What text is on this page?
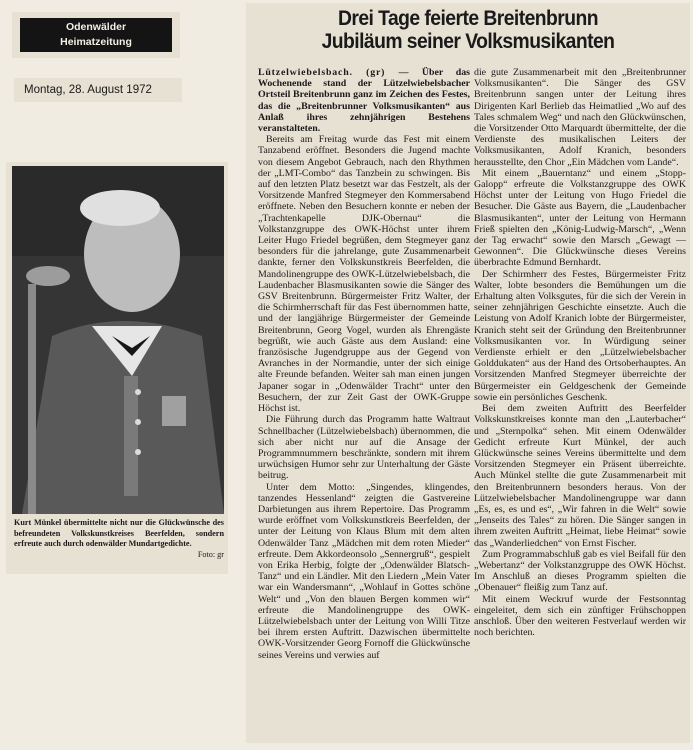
Odenwälder
Heimatzeitung
Montag, 28. August 1972
Kurt Münkel übermittelte nicht nur die Glückwünsche des befreundeten Volkskunstkreises Beerfelden, sondern erfreute auch durch odenwälder Mundartgedichte.
Foto: gr
Drei Tage feierte Breitenbrunn
Jubiläum seiner Volksmusikanten

Lützelwiebelsbach. (gr) — Über das Wochenende stand der Lützelwiebelsbacher Ortsteil Breitenbrunn ganz im Zeichen des Festes, das die „Breitenbrunner Volksmusikanten“ aus Anlaß ihres zehnjährigen Bestehens veranstalteten.

Bereits am Freitag wurde das Fest mit einem Tanzabend eröffnet. Besonders die Jugend machte von diesem Angebot Gebrauch, nach den Rhythmen der „LMT-Combo“ das Tanzbein zu schwingen. Bis auf den letzten Platz besetzt war das Festzelt, als der Vorsitzende Manfred Stegmeyer den Kommersabend eröffnete. Neben den Besuchern konnte er neben der „Trachtenkapelle DJK-Obernau“ die Volkstanzgruppe des OWK-Höchst unter ihrem Leiter Hugo Friedel begrüßen, dem Stegmeyer ganz besonders für die jahrelange, gute Zusammenarbeit dankte, ferner den Volkskunstkreis Beerfelden, die Mandolinengruppe des OWK-Lützelwiebelsbach, die Laudenbacher Blasmusikanten sowie die Sänger des GSV Breitenbrunn. Bürgermeister Fritz Walter, der die Schirmherrschaft für das Fest übernommen hatte, und der langjährige Bürgermeister der Gemeinde Breitenbrunn, Georg Vogel, wurden als Ehrengäste begrüßt, wie auch Gäste aus dem Ausland: eine französische Jugendgruppe aus der Gegend von Avranches in der Normandie, unter der sich einige alte Freunde befanden. Weiter sah man einen jungen Japaner sogar in „Odenwälder Tracht“ unter den Besuchern, der zur Zeit Gast der OWK-Gruppe Höchst ist.

Die Führung durch das Programm hatte Waltraut Schnellbacher (Lützelwiebelsbach) übernommen, die sich aber nicht nur auf die Ansage der Programmnummern beschränkte, sondern mit ihrem urwüchsigen Humor sehr zur Unterhaltung der Gäste beitrug.

Unter dem Motto: „Singendes, klingendes, tanzendes Hessenland“ zeigten die Gastvereine Darbietungen aus ihrem Repertoire. Das Programm wurde eröffnet vom Volkskunstkreis Beerfelden, der unter der Leitung von Klaus Blum mit dem alten Odenwälder Tanz „Mädchen mit dem roten Mieder“ erfreute. Dem Akkordeonsolo „Sennergruß“, gespielt von Erika Herbig, folgte der „Odenwälder Blatsch-Tanz“ und ein Ländler. Mit den Liedern „Mein Vater war ein Wandersmann“, „Wohlauf in Gottes schöne Welt“ und „Von den blauen Bergen kommen wir“ erfreute die Mandolinengruppe des OWK-Lützelwiebelsbach unter der Leitung von Willi Titze bei ihrem ersten Auftritt. Dazwischen übermittelte OWK-Vorsitzender Georg Fornoff die Glückwünsche seines Vereins und verwies auf

die gute Zusammenarbeit mit den „Breitenbrunner Volksmusikanten“. Die Sänger des GSV Breitenbrunn sangen unter der Leitung ihres Dirigenten Karl Berlieb das Heimatlied „Wo auf des Tales schmalem Weg“ und nach den Glückwünschen, die Vorsitzender Otto Marquardt übermittelte, der die Verdienste des musikalischen Leiters der Volksmusikanten, Adolf Kranich, besonders herausstellte, den Chor „Ein Mädchen vom Lande“.

Mit einem „Bauerntanz“ und einem „Stopp-Galopp“ erfreute die Volkstanzgruppe des OWK Höchst unter der Leitung von Hugo Friedel die Besucher. Die Gäste aus Bayern, die „Laudenbacher Blasmusikanten“, unter der Leitung von Hermann Frieß spielten den „König-Ludwig-Marsch“, „Wenn der Tag erwacht“ sowie den Marsch „Gewagt — Gewonnen“. Die Glückwünsche dieses Vereins überbrachte Edmund Bernhardt.

Der Schirmherr des Festes, Bürgermeister Fritz Walter, lobte besonders die Bemühungen um die Erhaltung alten Volksgutes, für die sich der Verein in seiner zehnjährigen Geschichte einsetzte. Auch die Leistung von Adolf Kranich lobte der Bürgermeister, Kranich steht seit der Gründung den Breitenbrunner Volksmusikanten vor. In Würdigung seiner Verdienste erhielt er den „Lützelwiebelsbacher Golddukaten“ aus der Hand des Ortsoberhauptes. An Vorsitzenden Manfred Stegmeyer überreichte der Bürgermeister ein Geldgeschenk der Gemeinde sowie ein persönliches Geschenk.

Bei dem zweiten Auftritt des Beerfelder Volkskunstkreises konnte man den „Lauterbacher“ und „Sternpolka“ sehen. Mit einem Odenwälder Gedicht erfreute Kurt Münkel, der auch Glückwünsche seines Vereins übermittelte und dem Vorsitzenden Stegmeyer ein Präsent überreichte. Auch Münkel stellte die gute Zusammenarbeit mit den Breitenbrunnern besonders heraus. Von der Lützelwiebelsbacher Mandolinengruppe war dann „Es, es, es und es“, „Wir fahren in die Welt“ sowie „Jenseits des Tales“ zu hören. Die Sänger sangen in ihrem zweiten Auftritt „Heimat, liebe Heimat“ sowie das „Wanderliedchen“ von Ernst Fischer.

Zum Programmabschluß gab es viel Beifall für den „Webertanz“ der Volkstanzgruppe des OWK Höchst. Im Anschluß an dieses Programm spielten die „Obenauer“ fleißig zum Tanz auf.

Mit einem Weckruf wurde der Festsonntag eingeleitet, dem sich ein zünftiger Frühschoppen anschloß. Über den weiteren Festverlauf werden wir noch berichten.
